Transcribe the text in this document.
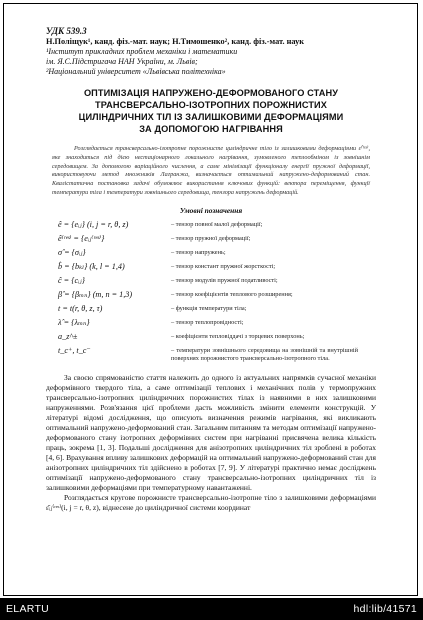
УДК 539.3
Н.Поліщук¹, канд. фіз.-мат. наук; Н.Тимошенко², канд. фіз.-мат. наук
¹Інститут прикладних проблем механіки і математики
ім. Я.С.Підстригача НАН України, м. Львів;
²Національний університет «Львівська політехніка»
ОПТИМІЗАЦІЯ НАПРУЖЕНО-ДЕФОРМОВАНОГО СТАНУ
ТРАНСВЕРСАЛЬНО-ІЗОТРОПНИХ ПОРОЖНИСТИХ
ЦИЛІНДРИЧНИХ ТІЛ ІЗ ЗАЛИШКОВИМИ ДЕФОРМАЦІЯМИ
ЗА ДОПОМОГОЮ НАГРІВАННЯ

Розглядається трансверсально-ізотропне порожнисте циліндричне тіло із залишковими деформаціями ε̂⁽ʳᵉˢ⁾, яке знаходиться під дією нестаціонарного локального нагрівання, зумовленого теплообміном із зовнішнім середовищем. За допомогою варіаційного числення, а саме мінімізації функціоналу енергії пружної деформації, використовуючи метод множників Лагранжа, визначається оптимальний напружено-деформований стан. Квалістатична постановка задачі обумовлює використання ключових функцій: вектора переміщення, функції температури тіла і температури зовнішнього середовища, тензора напружень деформацій.

Умовні позначення
ê = {eᵢⱼ} (i, j = r, θ, z)	– тензор повної малої деформації;
ê⁽ʳᵉˢ⁾ = {eᵢⱼ⁽ʳᵉˢ⁾}	– тензор пружної деформації;
σ̂ = {σᵢⱼ}	– тензор напружень;
b̂ = {bₖₗ} (k, l = 1,4)	– тензор констант пружної жорсткості;
ĉ = {cᵢⱼ}	– тензор модулів пружної податливості;
β̂ = {βₘₙ} (m, n = 1,3)	– тензор коефіцієнтів теплового розширення;
t = t(r, θ, z, τ)	– функція температури тіла;
λ̂ = {λₘₙ}	– тензор теплопровідності;
a_z^±	– коефіцієнти тепловіддачі з торцевих поверхонь;
t_c⁺, t_c⁻	– температури зовнішнього середовища на зовнішній та внутрішній поверхнях порожнистого трансверсально-ізотропного тіла.

За своєю спрямованістю стаття належить до одного із актуальних напрямків сучасної механіки деформівного твердого тіла, а саме оптимізації теплових і механічних полів у термопружних трансверсально-ізотропних циліндричних порожнистих тілах із наявними в них залишковими напруженнями. Розв'язання цієї проблеми дасть можливість змінити елементи конструкцій. У літературі відомі дослідження, що описують визначення режимів нагрівання, які викликають оптимальний напружено-деформований стан. Загальним питанням та методам оптимізації напружено-деформованого стану ізотропних деформівних систем при нагріванні присвячена велика кількість праць, зокрема [1, 3]. Подальші дослідження для анізотропних циліндричних тіл зроблені в роботах [4, 6]. Врахування впливу залишкових деформацій на оптимальний напружено-деформований стан для анізотропних циліндричних тіл здійснено в роботах [7, 9]. У літературі практично немає досліджень оптимізації напружено-деформованого стану трансверсально-ізотропних циліндричних тіл із залишковими деформаціями при температурному навантаженні.

Розглядається кругове порожнисте трансверсально-ізотропне тіло з залишковими деформаціями ε̂ᵢⱼ⁽ʳᵉˢ⁾(i, j = r, θ, z), віднесене до циліндричної системи координат

ELARTU	hdl:lib/41571
